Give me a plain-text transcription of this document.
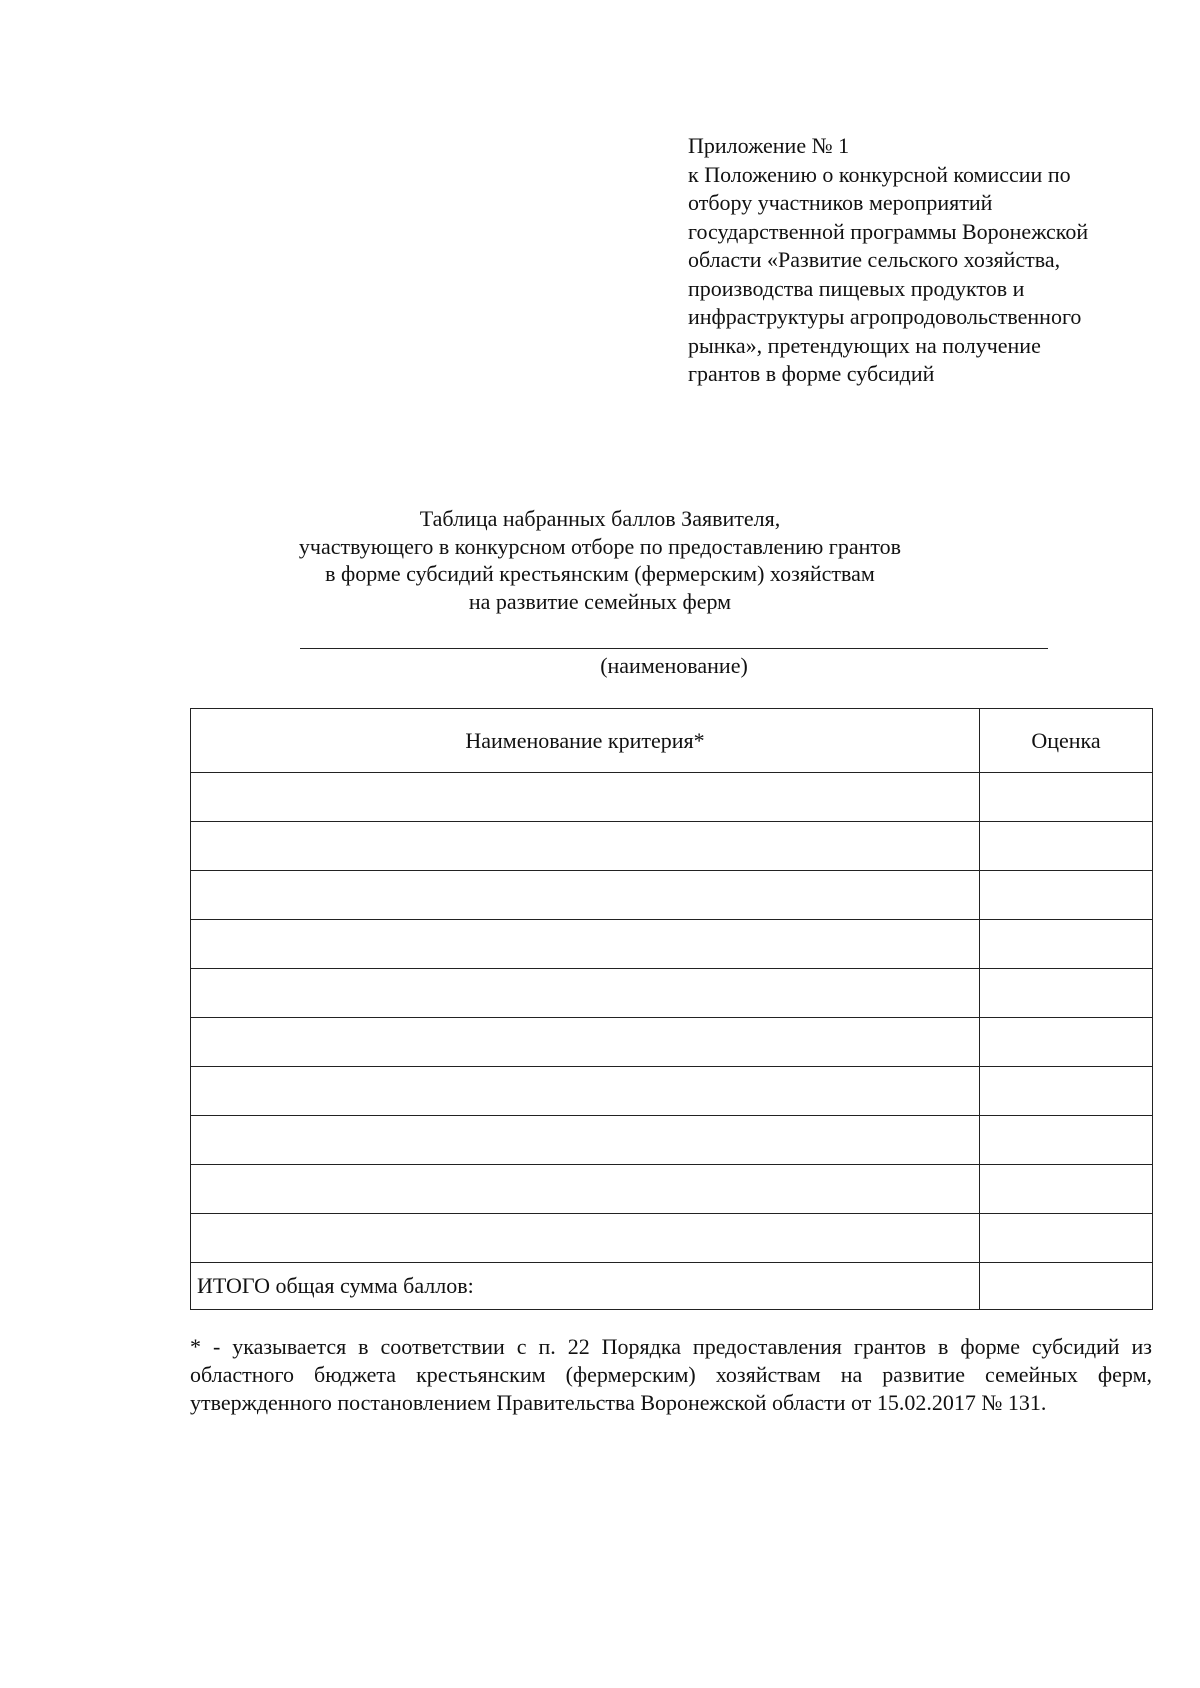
Приложение № 1
к Положению о конкурсной комиссии по
отбору участников мероприятий
государственной программы Воронежской
области «Развитие сельского хозяйства,
производства пищевых продуктов и
инфраструктуры агропродовольственного
рынка», претендующих на получение
грантов в форме субсидий
Таблица набранных баллов Заявителя,
участвующего в конкурсном отборе по предоставлению грантов
в форме субсидий крестьянским (фермерским) хозяйствам
на развитие семейных ферм
(наименование)
Наименование критерия*	Оценка

ИТОГО общая сумма баллов:	
* - указывается в соответствии с п. 22 Порядка предоставления грантов в форме субсидий из областного бюджета крестьянским (фермерским) хозяйствам на развитие семейных ферм, утвержденного постановлением Правительства Воронежской области от 15.02.2017 № 131.
